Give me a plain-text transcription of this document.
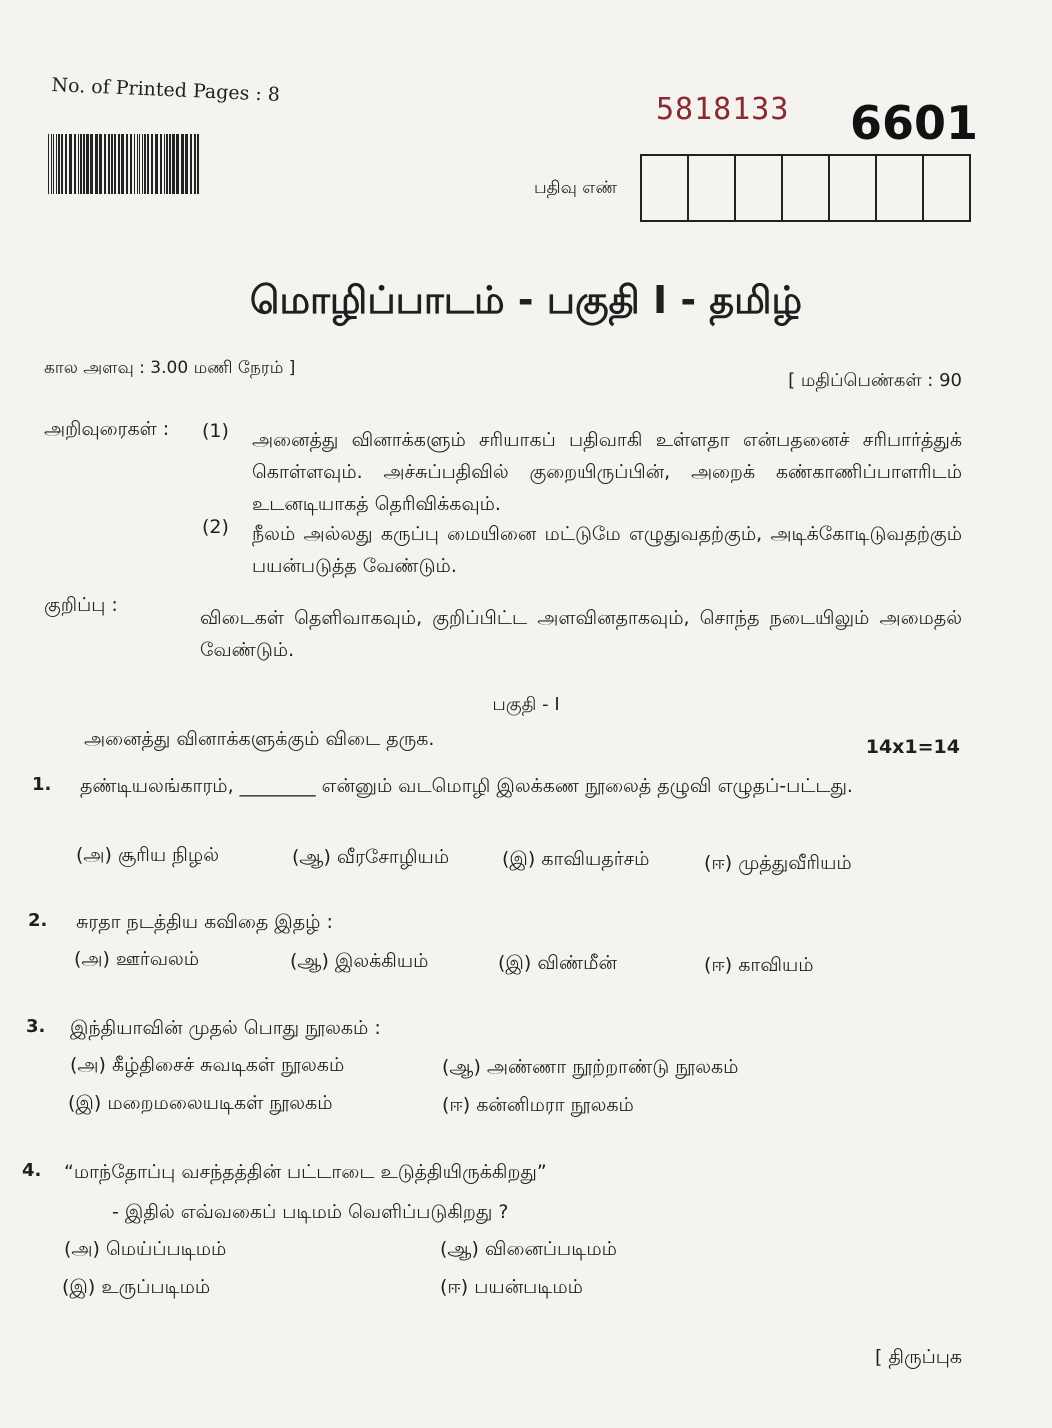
No. of Printed Pages : 8
5818133 6601
பதிவு எண்
மொழிப்பாடம் - பகுதி I - தமிழ்
கால அளவு : 3.00 மணி நேரம் ]
[ மதிப்பெண்கள் : 90
அறிவுரைகள் : (1) அனைத்து வினாக்களும் சரியாகப் பதிவாகி உள்ளதா என்பதனைச் சரிபார்த்துக் கொள்ளவும். அச்சுப்பதிவில் குறையிருப்பின், அறைக் கண்காணிப்பாளரிடம் உடனடியாகத் தெரிவிக்கவும்.
(2) நீலம் அல்லது கருப்பு மையினை மட்டுமே எழுதுவதற்கும், அடிக்கோடிடுவதற்கும் பயன்படுத்த வேண்டும்.
குறிப்பு :
விடைகள் தெளிவாகவும், குறிப்பிட்ட அளவினதாகவும், சொந்த நடையிலும் அமைதல் வேண்டும்.
பகுதி - I
அனைத்து வினாக்களுக்கும் விடை தருக.	14x1=14
1. தண்டியலங்காரம், ________ என்னும் வடமொழி இலக்கண நூலைத் தழுவி எழுதப்-பட்டது.
(அ) சூரிய நிழல்	(ஆ) வீரசோழியம்	(இ) காவியதர்சம்	(ஈ) முத்துவீரியம்
2. சுரதா நடத்திய கவிதை இதழ் :
(அ) ஊர்வலம்	(ஆ) இலக்கியம்	(இ) விண்மீன்	(ஈ) காவியம்
3. இந்தியாவின் முதல் பொது நூலகம் :
(அ) கீழ்திசைச் சுவடிகள் நூலகம்	(ஆ) அண்ணா நூற்றாண்டு நூலகம்
(இ) மறைமலையடிகள் நூலகம்	(ஈ) கன்னிமரா நூலகம்
4. “மாந்தோப்பு வசந்தத்தின் பட்டாடை உடுத்தியிருக்கிறது”
- இதில் எவ்வகைப் படிமம் வெளிப்படுகிறது ?
(அ) மெய்ப்படிமம்	(ஆ) வினைப்படிமம்
(இ) உருப்படிமம்	(ஈ) பயன்படிமம்
[ திருப்புக
